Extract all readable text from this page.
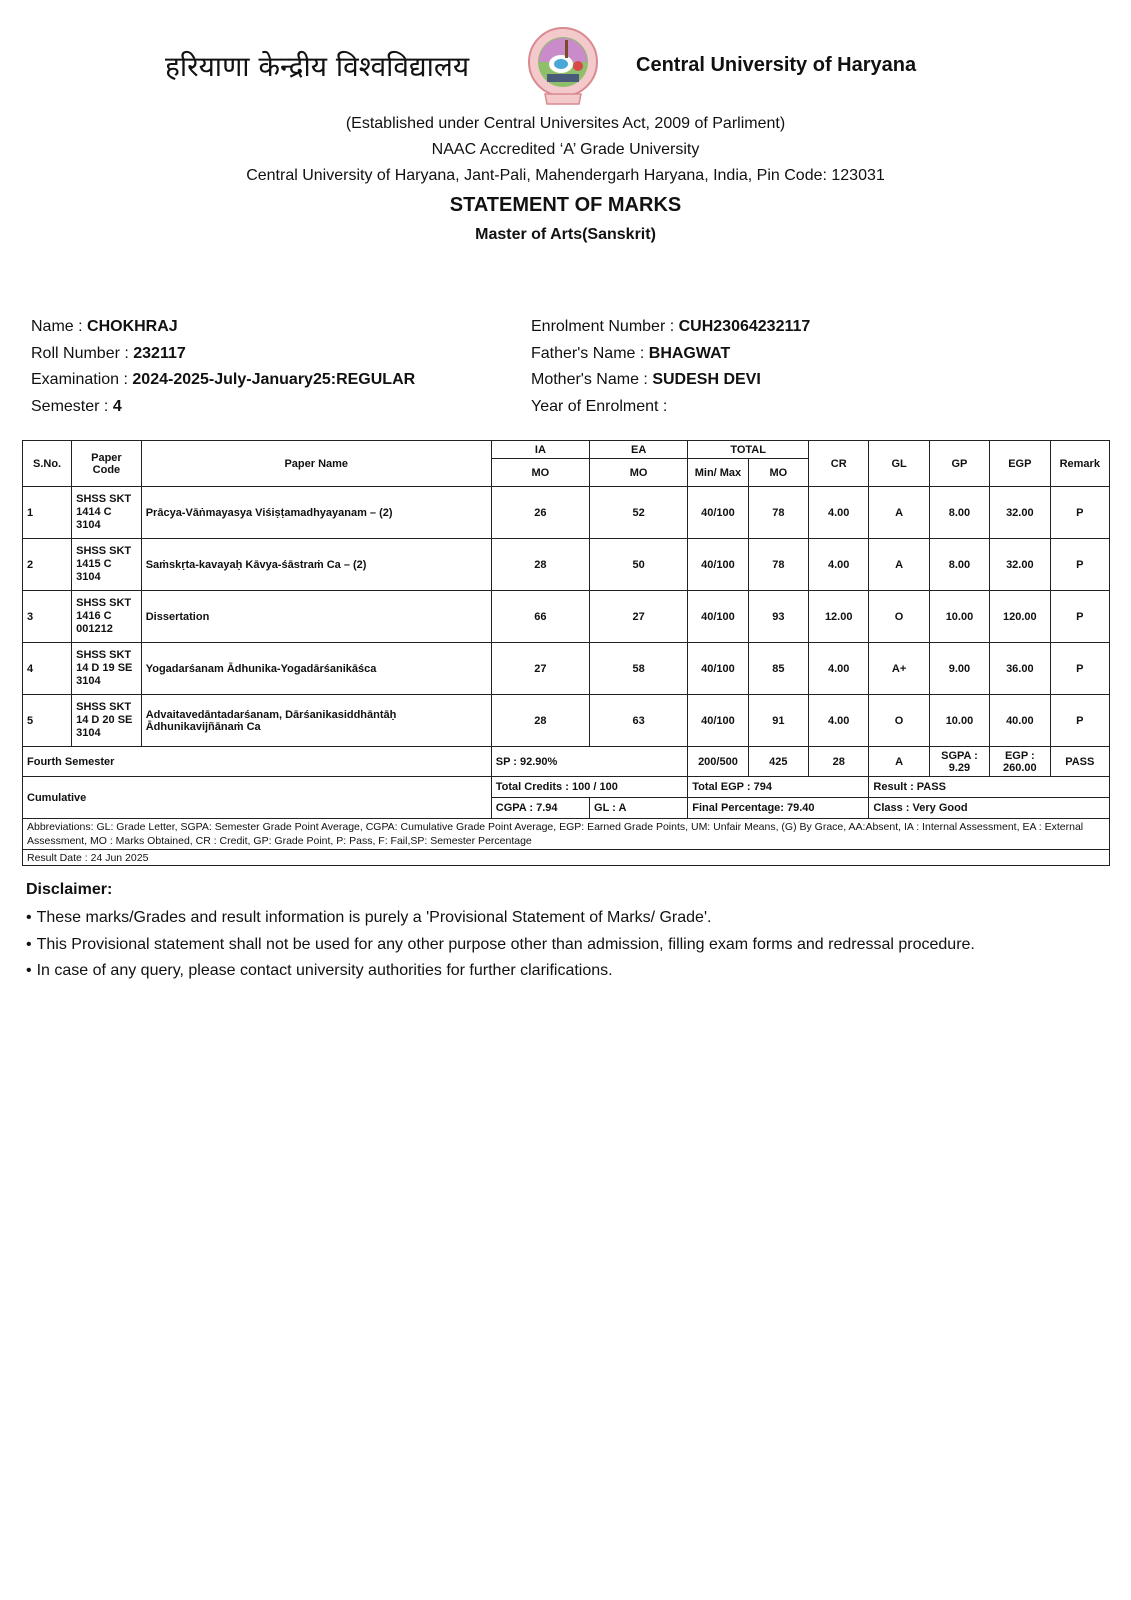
हरियाणा केन्द्रीय विश्वविद्यालय	Central University of Haryana
(Established under Central Universites Act, 2009 of Parliment)
NAAC Accredited ‘A’ Grade University
Central University of Haryana, Jant-Pali, Mahendergarh Haryana, India, Pin Code: 123031
STATEMENT OF MARKS
Master of Arts(Sanskrit)
Name : CHOKHRAJ
Roll Number : 232117
Examination : 2024-2025-July-January25:REGULAR
Semester : 4
Enrolment Number : CUH23064232117
Father's Name : BHAGWAT
Mother's Name : SUDESH DEVI
Year of Enrolment :
S.No.	Paper Code	Paper Name	IA	EA	TOTAL		CR	GL	GP	EGP	Remark
			MO	MO	Min/ Max	MO					
1	SHSS SKT 1414 C 3104	Prācya-Vāṅmayasya Viśiṣṭamadhyayanam – (2)	26	52	40/100	78	4.00	A	8.00	32.00	P
2	SHSS SKT 1415 C 3104	Saṁskṛta-kavayaḥ Kāvya-śāstraṁ Ca – (2)	28	50	40/100	78	4.00	A	8.00	32.00	P
3	SHSS SKT 1416 C 001212	Dissertation	66	27	40/100	93	12.00	O	10.00	120.00	P
4	SHSS SKT 14 D 19 SE 3104	Yogadarśanam Ādhunika-Yogadārśanikāśca	27	58	40/100	85	4.00	A+	9.00	36.00	P
5	SHSS SKT 14 D 20 SE 3104	Advaitavedāntadarśanam, Dārśanikasiddhāntāḥ Ādhunikavijñānaṁ Ca	28	63	40/100	91	4.00	O	10.00	40.00	P
Fourth Semester			SP : 92.90%		200/500	425	28	A	SGPA : 9.29	EGP : 260.00	PASS
Cumulative			Total Credits : 100 / 100		Total EGP : 794			Result : PASS			
			CGPA : 7.94	GL : A	Final Percentage: 79.40			Class : Very Good			
Abbreviations: GL: Grade Letter, SGPA: Semester Grade Point Average, CGPA: Cumulative Grade Point Average, EGP: Earned Grade Points, UM: Unfair Means, (G) By Grace, AA:Absent, IA : Internal Assessment, EA : External Assessment, MO : Marks Obtained, CR : Credit, GP: Grade Point, P: Pass, F: Fail,SP: Semester Percentage											
Result Date : 24 Jun 2025											
Disclaimer:
• These marks/Grades and result information is purely a 'Provisional Statement of Marks/ Grade'.
• This Provisional statement shall not be used for any other purpose other than admission, filling exam forms and redressal procedure.
• In case of any query, please contact university authorities for further clarifications.
